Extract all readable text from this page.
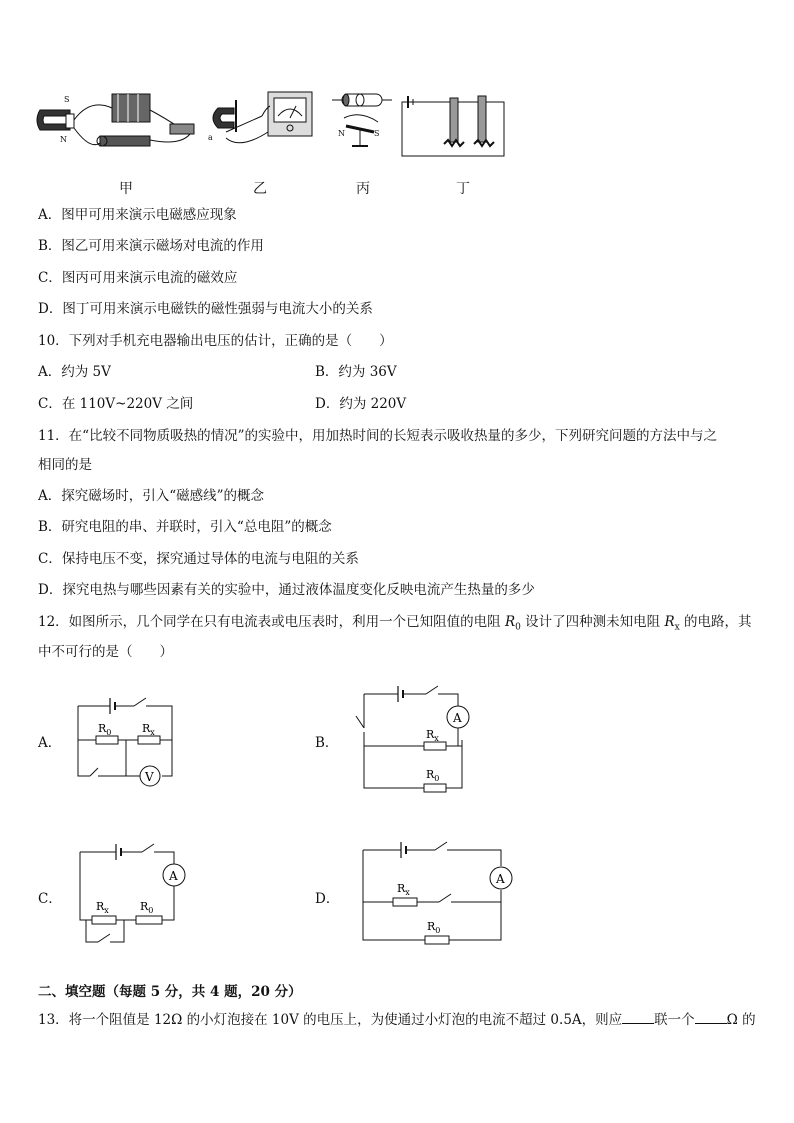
S
N	a	N	S
甲	乙	丙	丁
A．图甲可用来演示电磁感应现象
B．图乙可用来演示磁场对电流的作用
C．图丙可用来演示电流的磁效应
D．图丁可用来演示电磁铁的磁性强弱与电流大小的关系
10．下列对手机充电器输出电压的估计，正确的是（　　）
A．约为 5V	B．约为 36V
C．在 110V~220V 之间	D．约为 220V
11．在“比较不同物质吸热的情况”的实验中，用加热时间的长短表示吸收热量的多少，下列研究问题的方法中与之
相同的是
A．探究磁场时，引入“磁感线”的概念
B．研究电阻的串、并联时，引入“总电阻”的概念
C．保持电压不变，探究通过导体的电流与电阻的关系
D．探究电热与哪些因素有关的实验中，通过液体温度变化反映电流产生热量的多少
12．如图所示，几个同学在只有电流表或电压表时，利用一个已知阻值的电阻 $R_0$ 设计了四种测未知电阻 $R_x$ 的电路，其
中不可行的是（　　）
A．	B．
C．	D．
V
$R_0$	$R_x$
A
$R_x$
$R_0$
A
$R_x$	$R_0$
A
$R_x$
$R_0$
二、填空题（每题 5 分，共 4 题，20 分）
13．将一个阻值是 12Ω 的小灯泡接在 10V 的电压上，为使通过小灯泡的电流不超过 0.5A，则应 联一个 Ω 的
